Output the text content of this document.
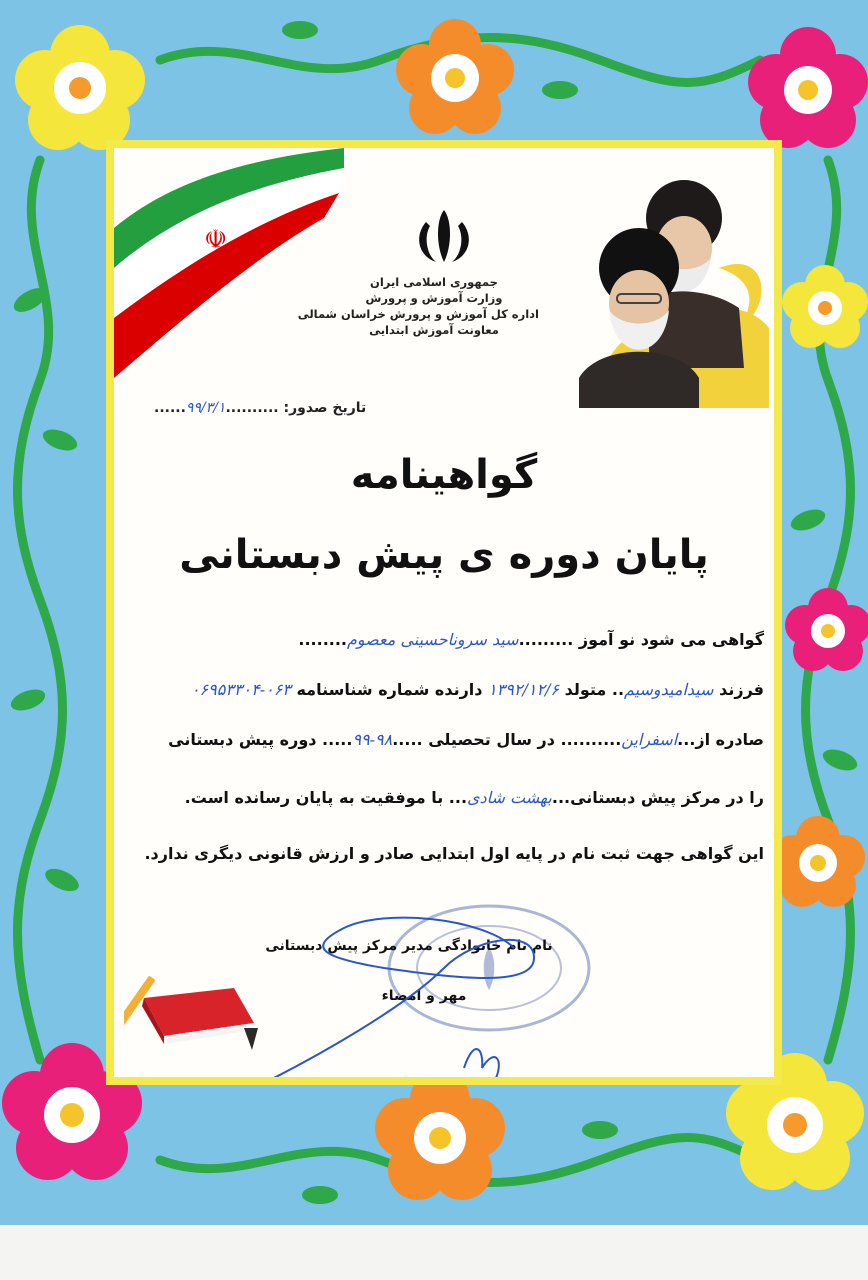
☫
جمهوری اسلامی ایران
وزارت آموزش و پرورش
اداره کل آموزش و پرورش خراسان شمالی
معاونت آموزش ابتدایی
تاریخ صدور: ..........۹۹/۳/۱......
گواهینامه
پایان دوره ی پیش دبستانی
گواهی می شود نو آموز .........سید سروناحسینی معصوم........
فرزند سیدامیدوسیم.. متولد ۱۳۹۲/۱۲/۶ دارنده شماره شناسنامه ۰۶۳-۰۶۹۵۳۳۰۴
صادره از...اسفراین.......... در سال تحصیلی .....۹۸-۹۹..... دوره پیش دبستانی
را در مرکز پیش دبستانی...بهشت شادی... با موفقیت به پایان رسانده است.
این گواهی جهت ثبت نام در پایه اول ابتدایی صادر و ارزش قانونی دیگری ندارد.
نام نام خانوادگی مدیر مرکز پیش دبستانی
مهر و امضاء
